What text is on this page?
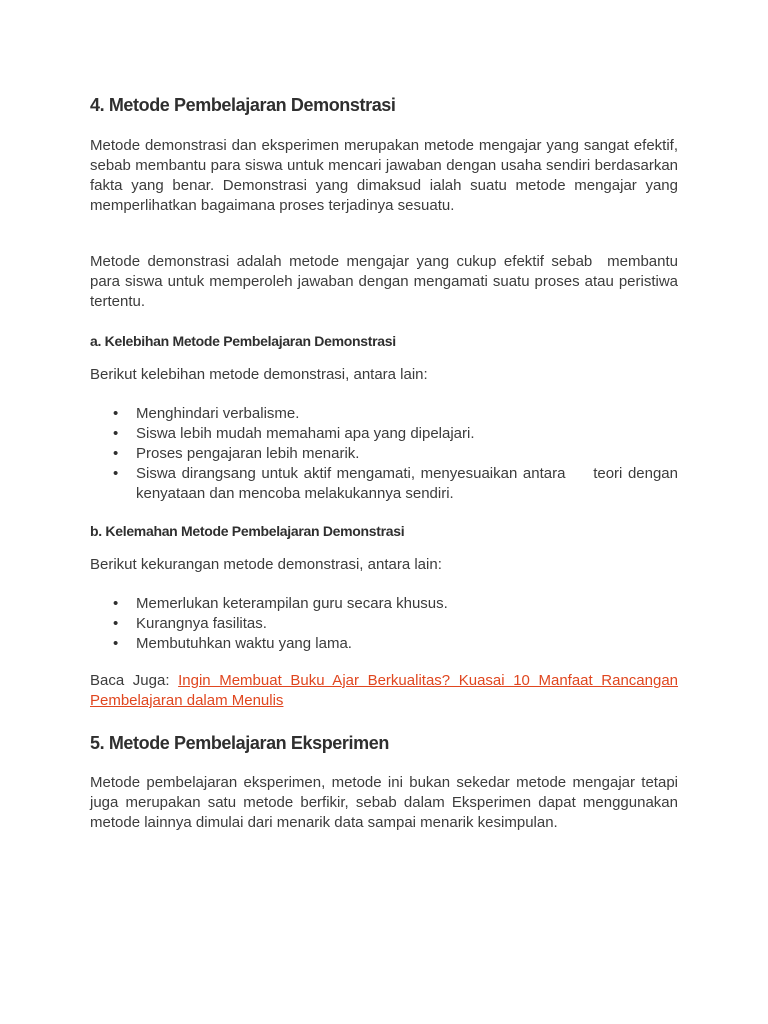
4. Metode Pembelajaran Demonstrasi

Metode demonstrasi dan eksperimen merupakan metode mengajar yang sangat efektif, sebab membantu para siswa untuk mencari jawaban dengan usaha sendiri berdasarkan fakta yang benar. Demonstrasi yang dimaksud ialah suatu metode mengajar yang memperlihatkan bagaimana proses terjadinya sesuatu.

Metode demonstrasi adalah metode mengajar yang cukup efektif sebab  membantu para siswa untuk memperoleh jawaban dengan mengamati suatu proses atau peristiwa tertentu.

a. Kelebihan Metode Pembelajaran Demonstrasi

Berikut kelebihan metode demonstrasi, antara lain:

• Menghindari verbalisme.
• Siswa lebih mudah memahami apa yang dipelajari.
• Proses pengajaran lebih menarik.
• Siswa dirangsang untuk aktif mengamati, menyesuaikan antara     teori dengan kenyataan dan mencoba melakukannya sendiri.
b. Kelemahan Metode Pembelajaran Demonstrasi

Berikut kekurangan metode demonstrasi, antara lain:

• Memerlukan keterampilan guru secara khusus.
• Kurangnya fasilitas.
• Membutuhkan waktu yang lama.

Baca Juga: Ingin Membuat Buku Ajar Berkualitas? Kuasai 10 Manfaat Rancangan Pembelajaran dalam Menulis

5. Metode Pembelajaran Eksperimen

Metode pembelajaran eksperimen, metode ini bukan sekedar metode mengajar tetapi juga merupakan satu metode berfikir, sebab dalam Eksperimen dapat menggunakan metode lainnya dimulai dari menarik data sampai menarik kesimpulan.
